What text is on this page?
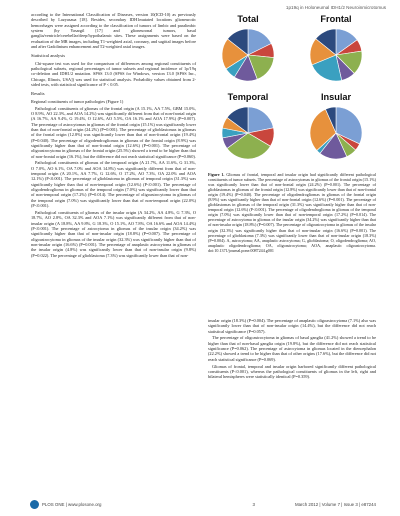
1p19q in Holoneumal IDH1/2 Neuroinmicrotomus

according to the International Classification of Diseases, version 10(ICD-10) as previously described by Lazyasaua [18]. Besides, secondary IDH1mutated locations glioneurotic hemorrhages were assigned according to the classification of tumors of limbic and paralimbic system (by Yasargil [17] and glioneuronal tumors, basal ganglia/ventricle/cerebellar/deep/hypothalamic sites. These assignments were based on the evaluation of the MR images, including T1-weighted axial, coronary, and sagittal images before and after Gadolinium enhancement and T2-weighted axial images.

Statistical analysis

Chi-square test was used for the comparison of differences among regional constituents of pathological subsets, regional percentages of tumor subsets and regional incidence of 1p/19q co-deletion and IDH1/2 mutation. SPSS 13.0 (SPSS for Windows, version 13.0 [SPSS Inc., Chicago, Illinois, USA]) was used for statistical analysis. Probability values obtained from 2-sided tests, with statistical significance of P < 0.05.

Results

Regional constituents of tumor pathologies (Figure 1)

Pathological constituents of gliomas of the frontal origin (A 15.1%, AA 7.5%, GBM 15.0%, O 8.9%, AO 22.3%, and AOA 14.2%) was significantly different from that of non-frontal origin (A 16.7%, AA 9.4%, G 19.4%, O 12.6%, AO 5.5%, OA 16.1% and AOA 17.9%) (P=0.007). The percentage of astrocytomas in gliomas of the frontal origin (15.1%) was significantly lower than that of non-frontal origin (24.2%) (P=0.001). The percentage of glioblastomas in gliomas of the frontal origin (12.8%) was significantly lower than that of non-frontal origin (19.4%) (P=0.040). The percentage of oligodendrogliomas in gliomas of the frontal origin (8.9%) was significantly higher than that of non-frontal origin (12.6%) (P=0.001). The percentage of oligoastrocytoma in gliomas of the frontal origin (25.5%) showed a trend to be higher than that of non-frontal origin (16.1%), but the difference did not reach statistical significance (P=0.060).

Pathological constituents of gliomas of the temporal origin (A 21.7%, AA 11.6%, G 31.3%, O 7.0%, AO 6.1%, OA 7.0% and AOA 14.8%) was significantly different from that of non-temporal origin (A 20.1%, AA 7.7%, G 12.6%, O 17.2%, AO 7.3%, OA 22.0% and AOA 12.1%) (P<0.001). The percentage of glioblastoma in gliomas of temporal origin (31.3%) was significantly higher than that of non-temporal origin (12.6%) (P<0.001). The percentage of oligodendroglioma in gliomas of the temporal origin (7.0%) was significantly lower than that of non-temporal origin (17.2%) (P=0.014). The percentage of oligoastrocytoma in gliomas of the temporal origin (7.0%) was significantly lower than that of non-temporal origin (22.0%) (P<0.001).

Pathological constituents of gliomas of the insular origin (A 34.2%, AA 4.8%, G 7.3%, O 18.7%, AO 2.8%, OA 32.3% and AOA 7.1%) was significantly different from that of non-insular origin (A 18.8%, AA 9.8%, G 18.3%, O 15.1%, AO 7.8%, OA 16.6% and AOA 14.4%) (P<0.001). The percentage of astrocytoma in gliomas of the insular origin (34.2%) was significantly higher than that of non-insular origin (18.8%) (P=0.007). The percentage of oligoastrocytoma in gliomas of the insular origin (32.3%) was significantly higher than that of non-insular origin (16.6%) (P=0.001). The percentage of anaplastic astrocytoma in gliomas of the insular origin (4.8%) was significantly lower than that of non-insular origin (9.8%) (P=0.022). The percentage of glioblastoma (7.3%) was significantly lower than that of non-

Total	Frontal
Temporal	Insular
Figure 1. Gliomas of frontal, temporal and insular origin had significantly different pathological constituents of tumor subsets. The percentage of astrocytomas in gliomas of the frontal origin (15.1%) was significantly lower than that of non-frontal origin (24.2%) (P=0.001). The percentage of glioblastomas in gliomas of the frontal origin (12.8%) was significantly lower than that of non-frontal origin (19.4%) (P=0.040). The percentage of oligodendrogliomas in gliomas of the frontal origin (8.9%) was significantly higher than that of non-frontal origin (12.6%) (P=0.001). The percentage of glioblastomas in gliomas of the temporal origin (31.3%) was significantly higher than that of non-temporal origin (12.6%) (P<0.001). The percentage of oligodendroglioma in gliomas of the temporal origin (7.0%) was significantly lower than that of non-temporal origin (17.2%) (P=0.014). The percentage of astrocytoma in gliomas of the insular origin (34.2%) was significantly higher than that of non-insular origin (18.8%) (P=0.007). The percentage of oligoastrocytoma in gliomas of the insular origin (32.3%) was significantly higher than that of non-insular origin (16.6%) (P=0.001). The percentage of glioblastoma (7.3%) was significantly lower than that of non-insular origin (18.3%) (P=0.004). A, astrocytoma; AA, anaplastic astrocytoma; G, glioblastoma; O, oligodendroglioma; AO, anaplastic oligodendroglioma; OA, oligoastrocytoma; AOA, anaplastic oligoastrocytoma. doi:10.1371/journal.pone.0087244.g001

insular origin (18.3%) (P=0.004). The percentage of anaplastic oligoastrocytoma (7.1%) also was significantly lower than that of non-insular origin (14.4%), but the difference did not reach statistical significance (P=0.057).

The percentage of oligoastrocytoma in gliomas of basal ganglia (41.2%) showed a trend to be higher than that of non-basal ganglia origin (19.8%), but the difference did not reach statistical significance (P=0.062). The percentage of astrocytoma in gliomas located in the diencephalon (22.2%) showed a trend to be higher than that of other origins (17.6%), but the difference did not reach statistical significance (P=0.069).

Gliomas of frontal, temporal and insular origin harbored significantly different pathological constituents (P<0.001), whereas the pathological constituents of gliomas in the left, right and bilateral hemispheres were statistically identical (P=0.359).

PLOS ONE | www.plosone.org	3	March 2012 | Volume 7 | Issue 3 | e87244
